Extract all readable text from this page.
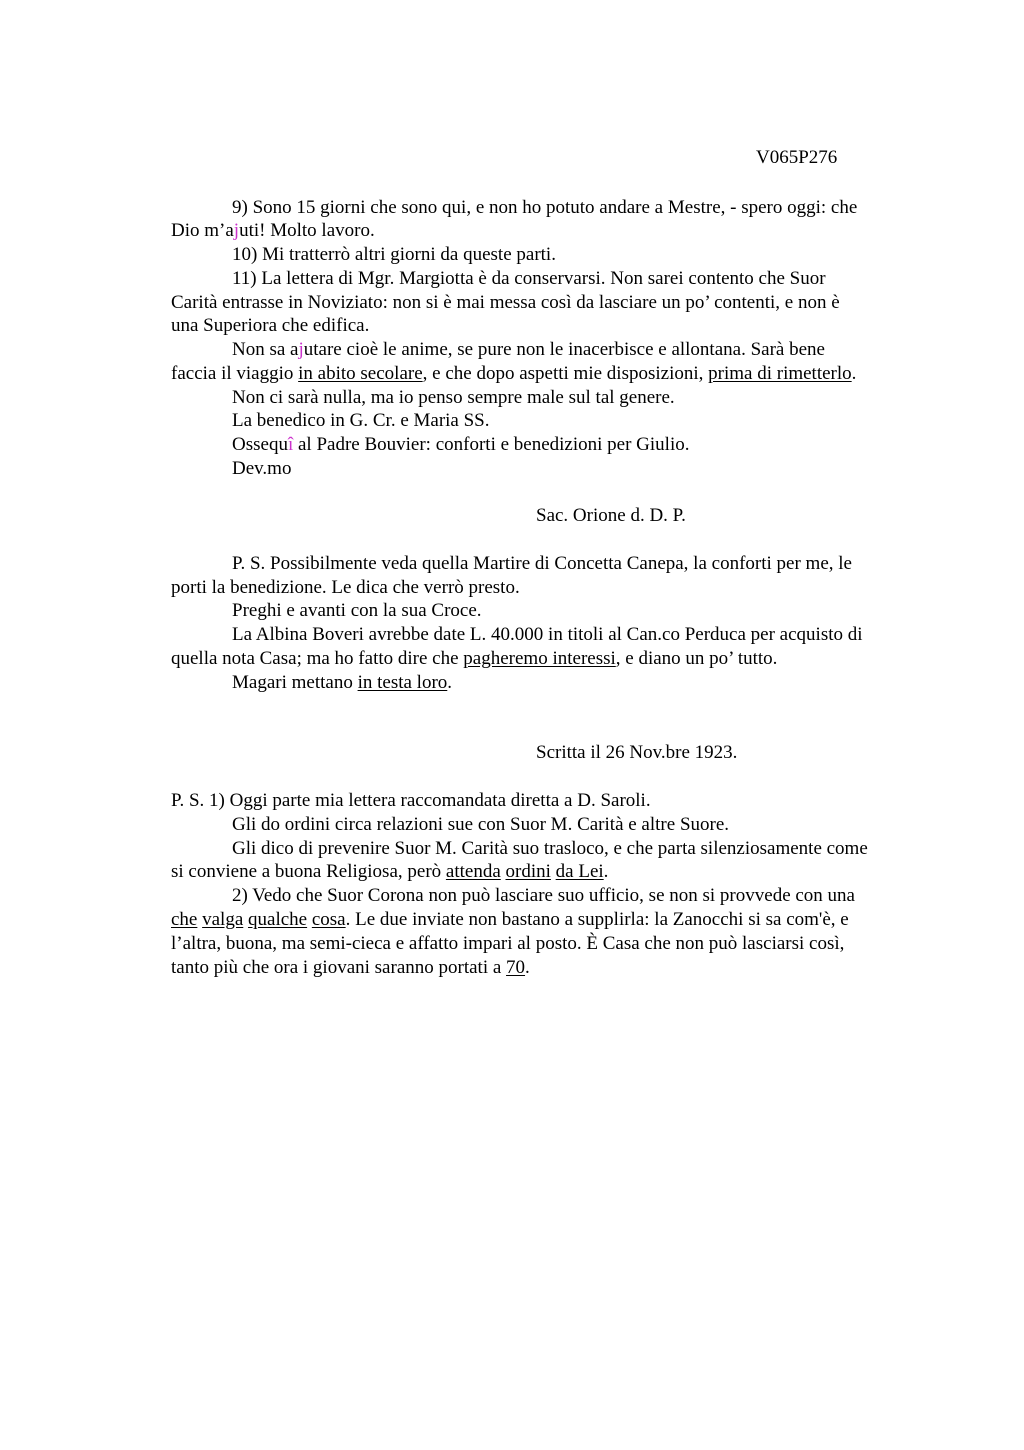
V065P276
9) Sono 15 giorni che sono qui, e non ho potuto andare a Mestre, - spero oggi: che
Dio m’ajuti! Molto lavoro.
10) Mi tratterrò altri giorni da queste parti.
11) La lettera di Mgr. Margiotta è da conservarsi. Non sarei contento che Suor
Carità entrasse in Noviziato: non si è mai messa così da lasciare un po’ contenti, e non è
una Superiora che edifica.
Non sa ajutare cioè le anime, se pure non le inacerbisce e allontana. Sarà bene
faccia il viaggio in abito secolare, e che dopo aspetti mie disposizioni, prima di rimetterlo.
Non ci sarà nulla, ma io penso sempre male sul tal genere.
La benedico in G. Cr. e Maria SS.
Ossequî al Padre Bouvier: conforti e benedizioni per Giulio.
Dev.mo
Sac. Orione d. D. P.
P. S. Possibilmente veda quella Martire di Concetta Canepa, la conforti per me, le
porti la benedizione. Le dica che verrò presto.
Preghi e avanti con la sua Croce.
La Albina Boveri avrebbe date L. 40.000 in titoli al Can.co Perduca per acquisto di
quella nota Casa; ma ho fatto dire che pagheremo interessi, e diano un po’ tutto.
Magari mettano in testa loro.
Scritta il 26 Nov.bre 1923.
P. S. 1) Oggi parte mia lettera raccomandata diretta a D. Saroli.
Gli do ordini circa relazioni sue con Suor M. Carità e altre Suore.
Gli dico di prevenire Suor M. Carità suo trasloco, e che parta silenziosamente come
si conviene a buona Religiosa, però attenda ordini da Lei.
2) Vedo che Suor Corona non può lasciare suo ufficio, se non si provvede con una
che valga qualche cosa. Le due inviate non bastano a supplirla: la Zanocchi si sa com'è, e
l’altra, buona, ma semi-cieca e affatto impari al posto. È Casa che non può lasciarsi così,
tanto più che ora i giovani saranno portati a 70.
